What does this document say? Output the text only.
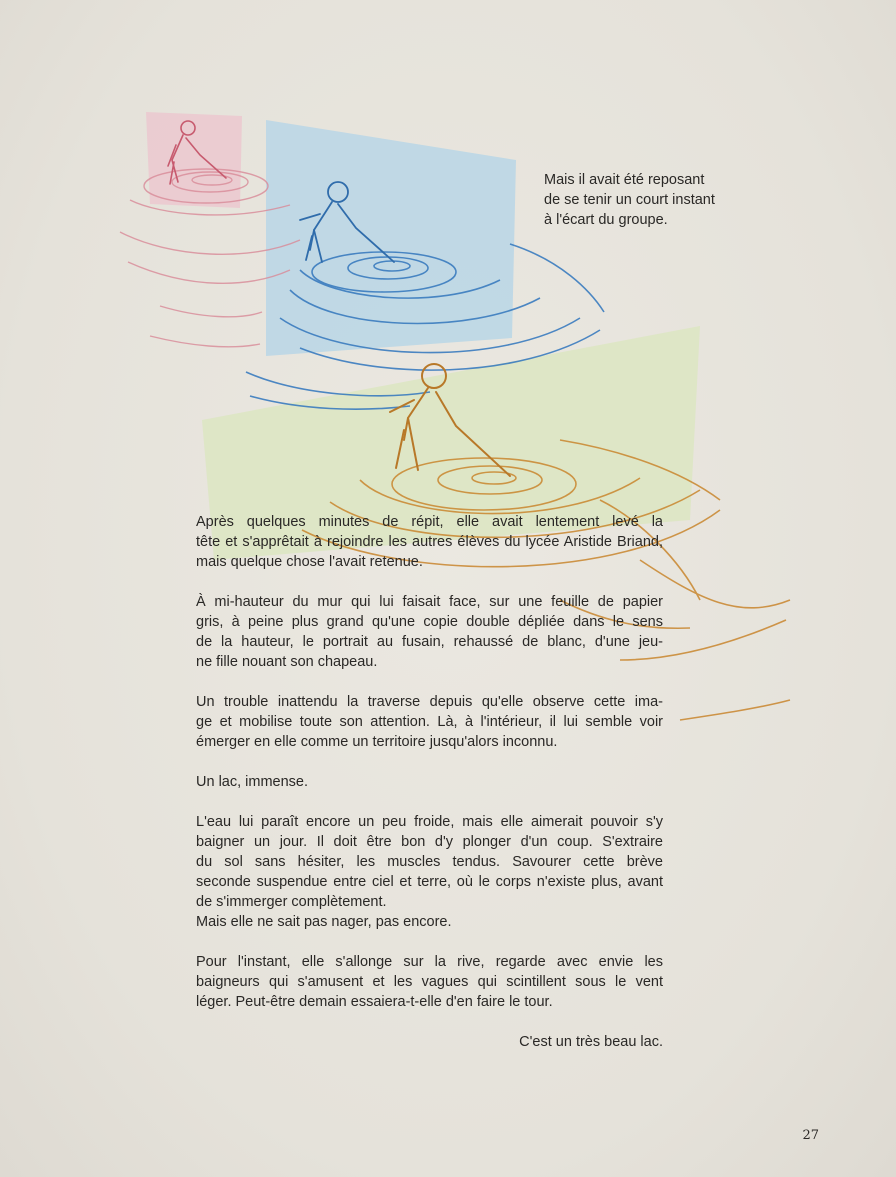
Mais il avait été reposant
de se tenir un court instant
à l'écart du groupe.

Après quelques minutes de répit, elle avait lentement levé la
tête et s'apprêtait à rejoindre les autres élèves du lycée Aristide Briand,
mais quelque chose l'avait retenue.

À mi-hauteur du mur qui lui faisait face, sur une feuille de papier
gris, à peine plus grand qu'une copie double dépliée dans le sens
de la hauteur, le portrait au fusain, rehaussé de blanc, d'une jeu-
ne fille nouant son chapeau.

Un trouble inattendu la traverse depuis qu'elle observe cette ima-
ge et mobilise toute son attention. Là, à l'intérieur, il lui semble voir
émerger en elle comme un territoire jusqu'alors inconnu.

Un lac, immense.

L'eau lui paraît encore un peu froide, mais elle aimerait pouvoir s'y
baigner un jour. Il doit être bon d'y plonger d'un coup. S'extraire
du sol sans hésiter, les muscles tendus. Savourer cette brève
seconde suspendue entre ciel et terre, où le corps n'existe plus, avant
de s'immerger complètement.
Mais elle ne sait pas nager, pas encore.

Pour l'instant, elle s'allonge sur la rive, regarde avec envie les
baigneurs qui s'amusent et les vagues qui scintillent sous le vent
léger. Peut-être demain essaiera-t-elle d'en faire le tour.

C'est un très beau lac.

27
